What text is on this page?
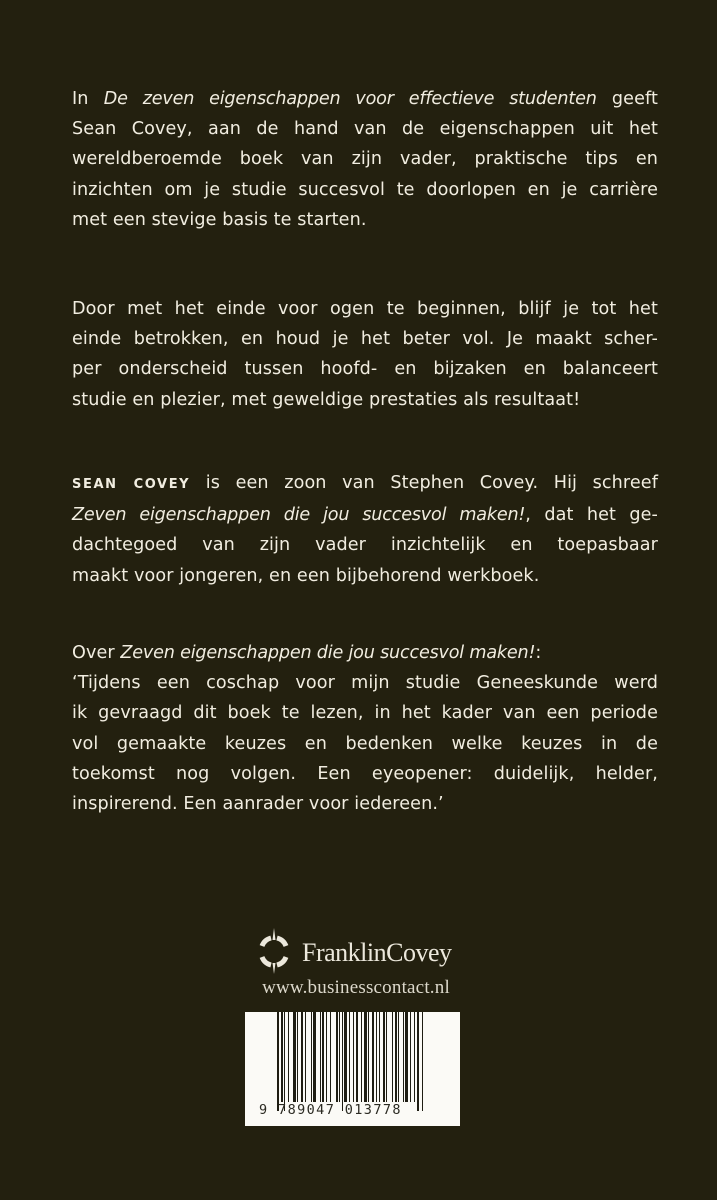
In De zeven eigenschappen voor effectieve studenten geeft
Sean Covey, aan de hand van de eigenschappen uit het
wereldberoemde boek van zijn vader, praktische tips en
inzichten om je studie succesvol te doorlopen en je carrière
met een stevige basis te starten.

Door met het einde voor ogen te beginnen, blijf je tot het
einde betrokken, en houd je het beter vol. Je maakt scher-
per onderscheid tussen hoofd- en bijzaken en balanceert
studie en plezier, met geweldige prestaties als resultaat!

SEAN COVEY is een zoon van Stephen Covey. Hij schreef
Zeven eigenschappen die jou succesvol maken!, dat het ge-
dachtegoed van zijn vader inzichtelijk en toepasbaar
maakt voor jongeren, en een bijbehorend werkboek.

Over Zeven eigenschappen die jou succesvol maken!:
‘Tijdens een coschap voor mijn studie Geneeskunde werd
ik gevraagd dit boek te lezen, in het kader van een periode
vol gemaakte keuzes en bedenken welke keuzes in de
toekomst nog volgen. Een eyeopener: duidelijk, helder,
inspirerend. Een aanrader voor iedereen.’

FranklinCovey
www.businesscontact.nl
9 789047 013778
